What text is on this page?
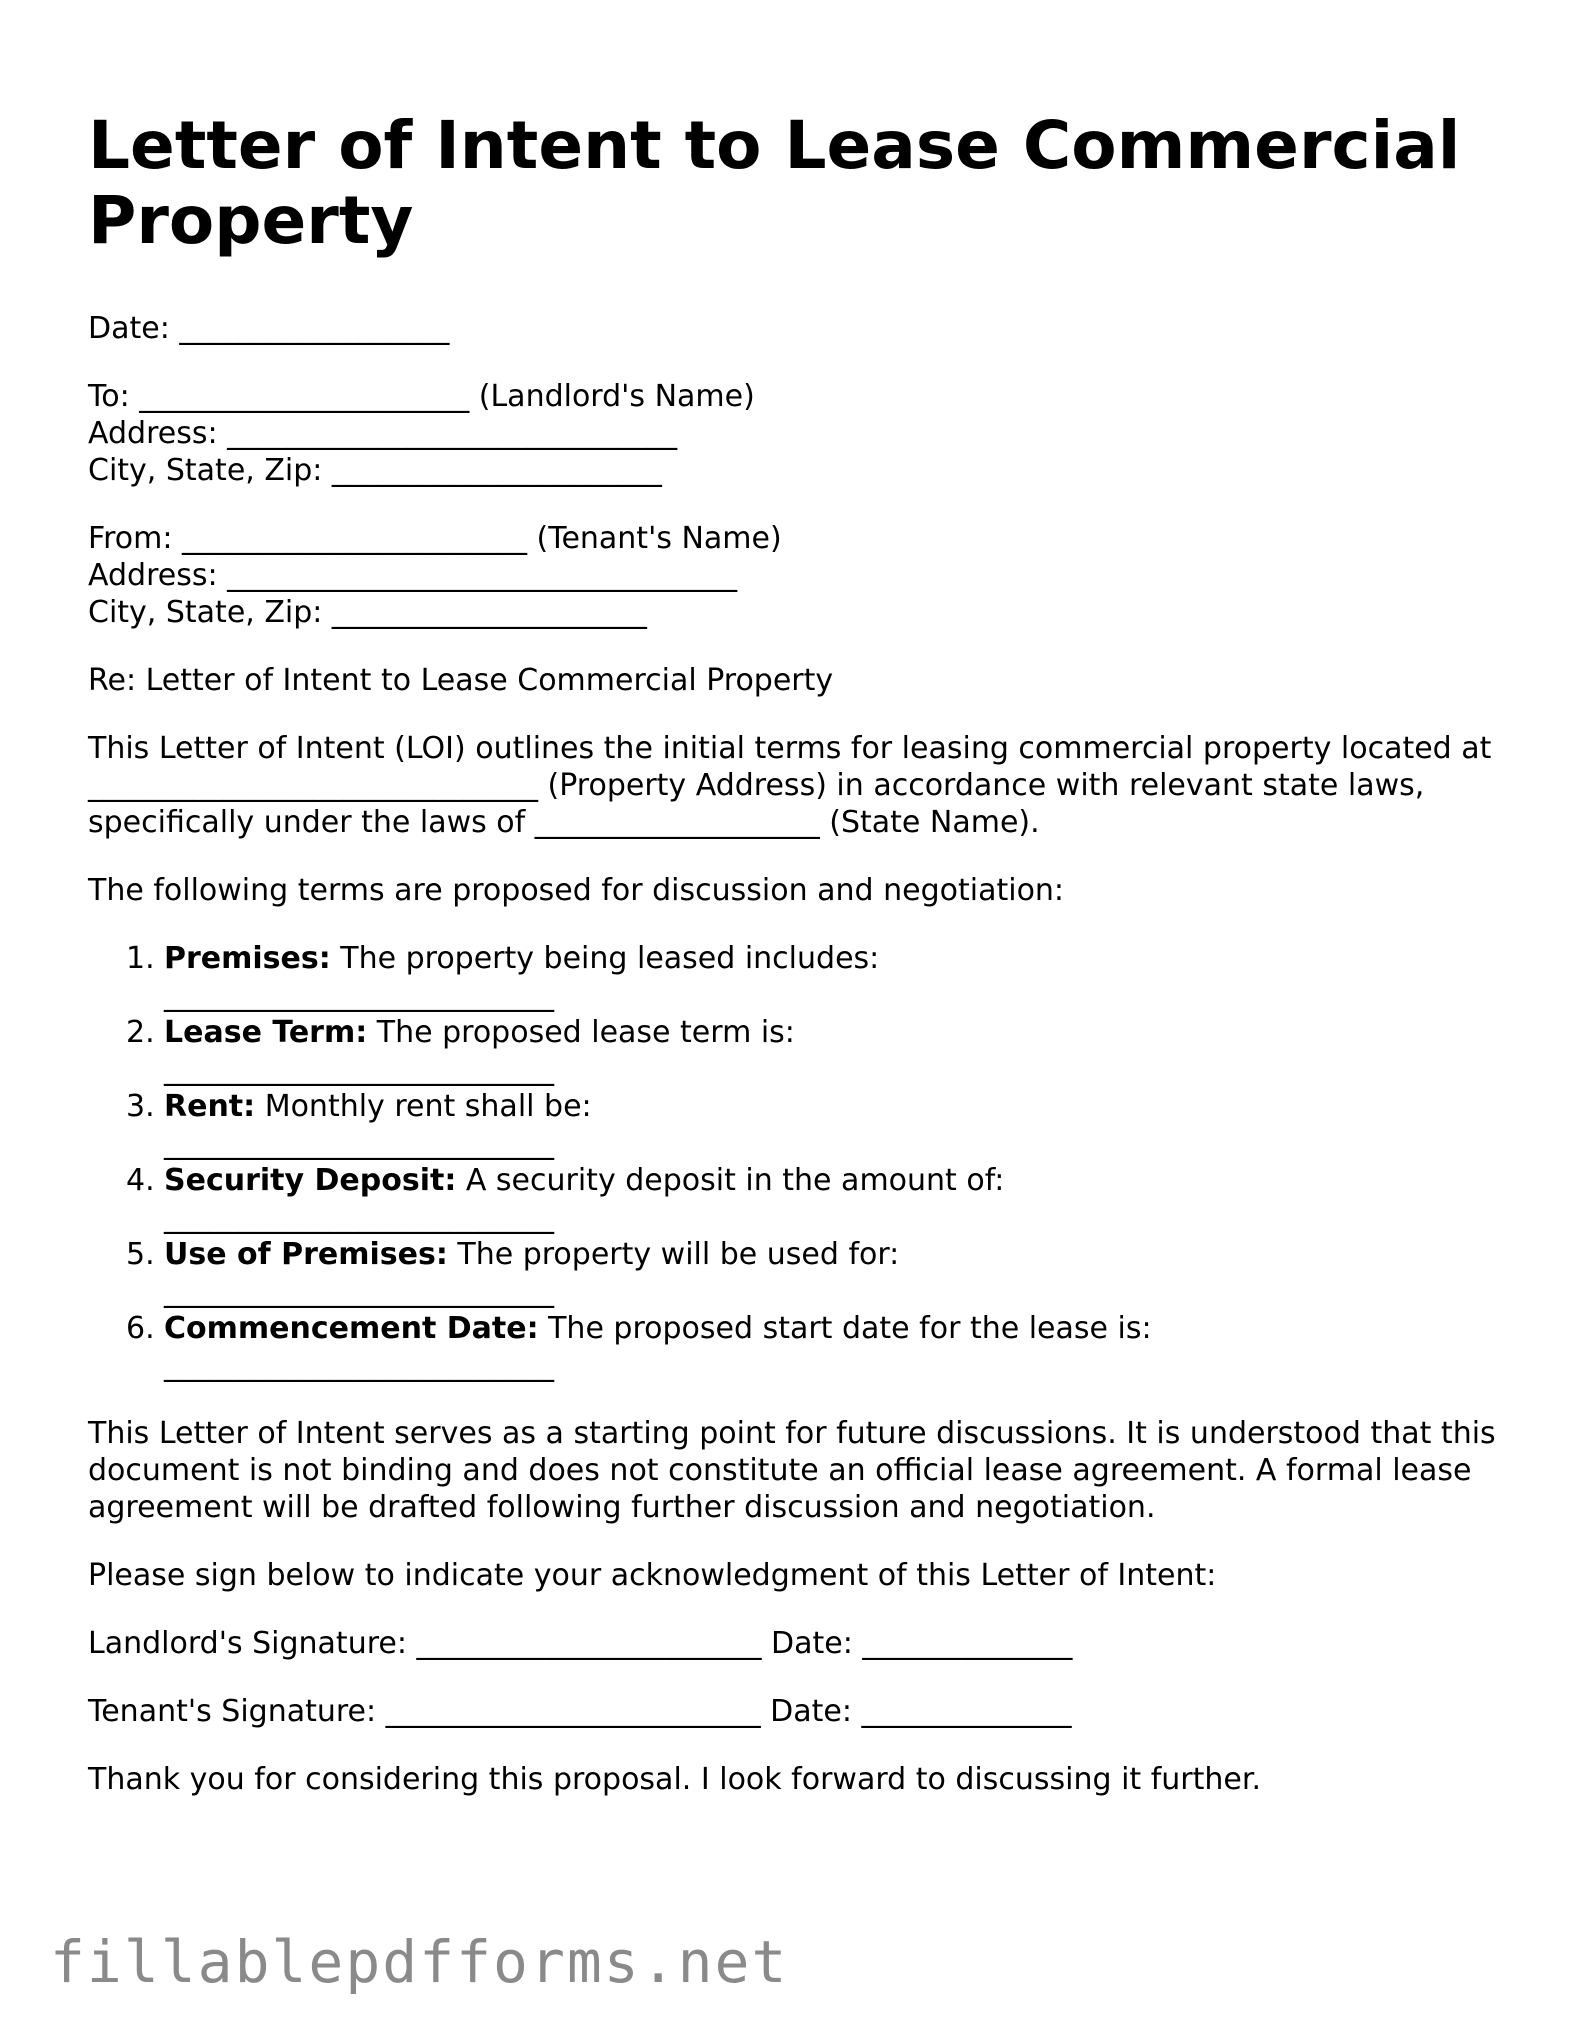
Letter of Intent to Lease Commercial Property

Date: __________________

To: ______________________ (Landlord's Name)

Address: ______________________________

City, State, Zip: ______________________

From: _______________________ (Tenant's Name)

Address: __________________________________

City, State, Zip: _____________________

Re: Letter of Intent to Lease Commercial Property

This Letter of Intent (LOI) outlines the initial terms for leasing commercial property located at ______________________________ (Property Address) in accordance with relevant state laws, specifically under the laws of ___________________ (State Name).

The following terms are proposed for discussion and negotiation:

1. Premises: The property being leased includes:
__________________________
2. Lease Term: The proposed lease term is:
__________________________
3. Rent: Monthly rent shall be:
__________________________
4. Security Deposit: A security deposit in the amount of:
__________________________
5. Use of Premises: The property will be used for:
__________________________
6. Commencement Date: The proposed start date for the lease is:
__________________________

This Letter of Intent serves as a starting point for future discussions. It is understood that this document is not binding and does not constitute an official lease agreement. A formal lease agreement will be drafted following further discussion and negotiation.

Please sign below to indicate your acknowledgment of this Letter of Intent:

Landlord's Signature: _______________________ Date: ______________

Tenant's Signature: _________________________ Date: ______________

Thank you for considering this proposal. I look forward to discussing it further.

fillablepdfforms.net
